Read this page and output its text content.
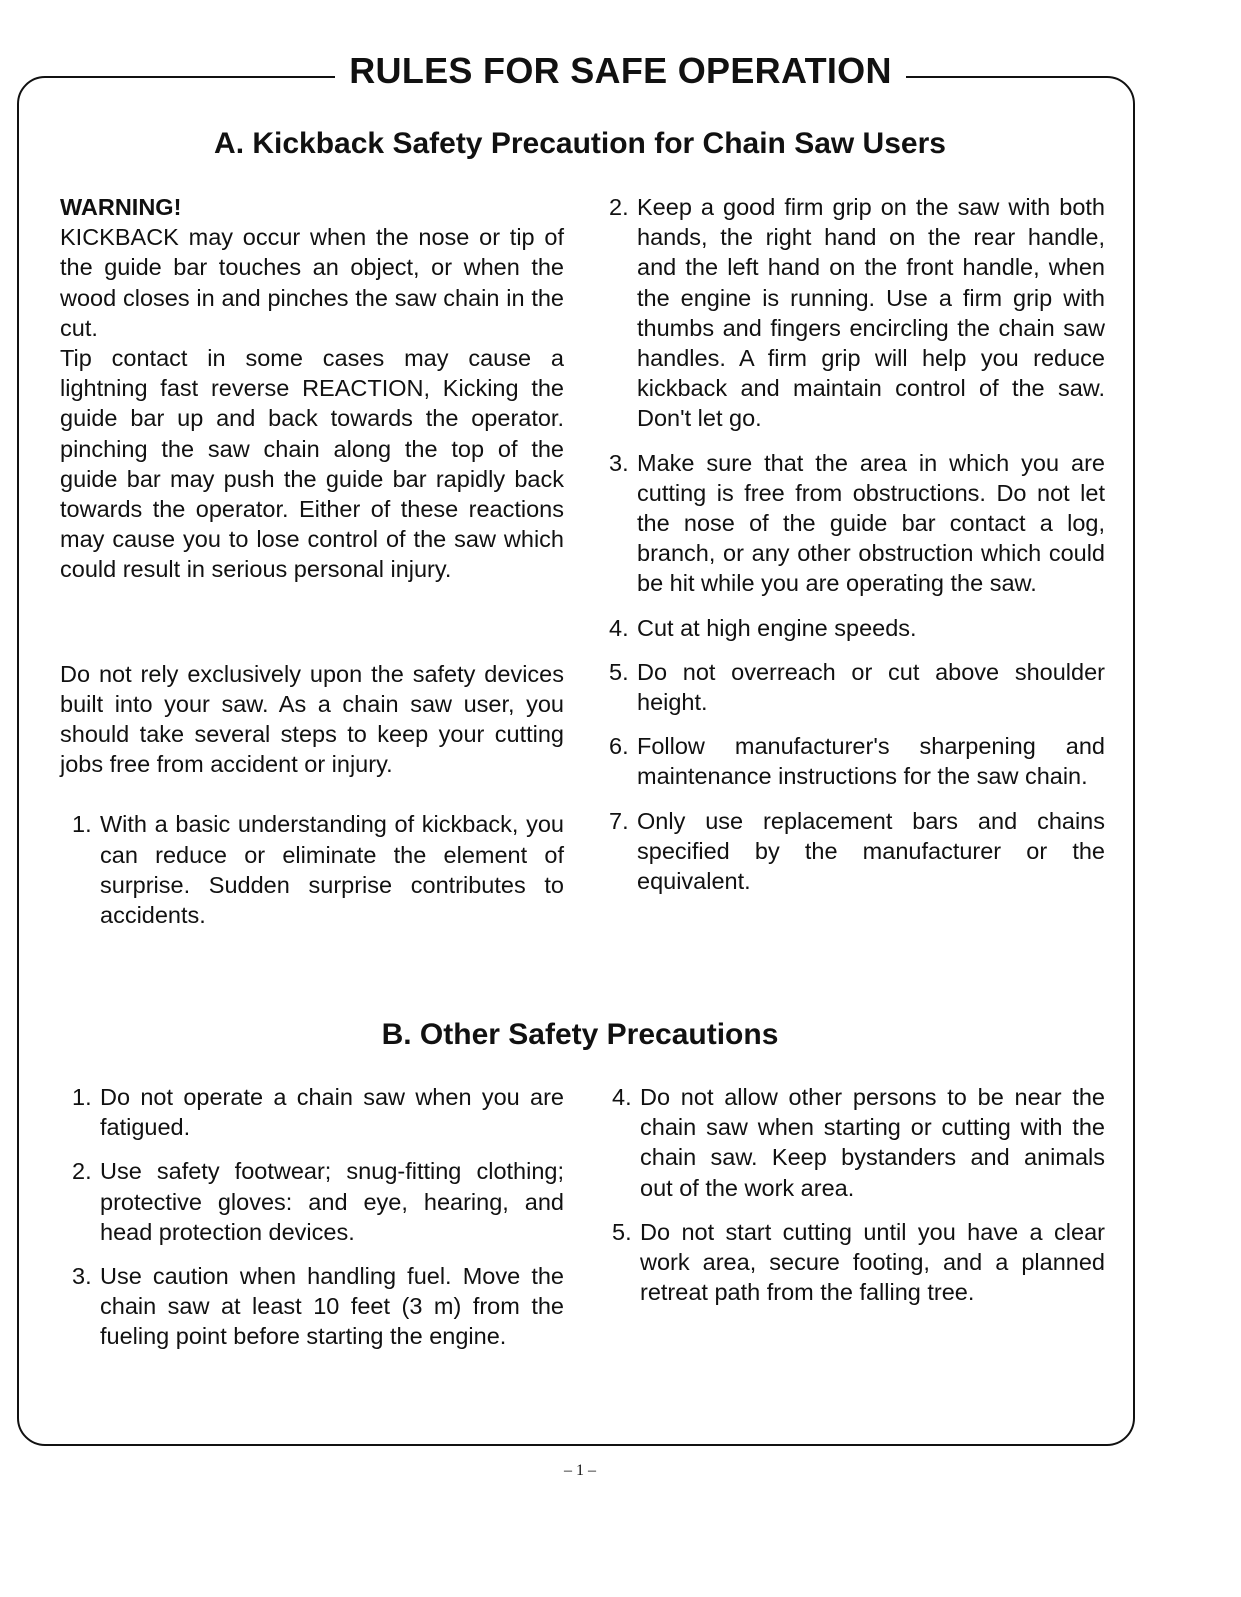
RULES FOR SAFE OPERATION
A. Kickback Safety Precaution for Chain Saw Users

WARNING!

KICKBACK may occur when the nose or tip of the guide bar touches an object, or when the wood closes in and pinches the saw chain in the cut.

Tip contact in some cases may cause a lightning fast reverse REACTION, Kicking the guide bar up and back towards the operator. pinching the saw chain along the top of the guide bar may push the guide bar rapidly back towards the operator. Either of these reactions may cause you to lose control of the saw which could result in serious personal injury.

Do not rely exclusively upon the safety devices built into your saw. As a chain saw user, you should take several steps to keep your cutting jobs free from accident or injury.

1. With a basic understanding of kickback, you can reduce or eliminate the element of surprise. Sudden surprise contributes to accidents.
2. Keep a good firm grip on the saw with both hands, the right hand on the rear handle, and the left hand on the front handle, when the engine is running. Use a firm grip with thumbs and fingers encircling the chain saw handles. A firm grip will help you reduce kickback and maintain control of the saw. Don't let go.
3. Make sure that the area in which you are cutting is free from obstructions. Do not let the nose of the guide bar contact a log, branch, or any other obstruction which could be hit while you are operating the saw.
4. Cut at high engine speeds.
5. Do not overreach or cut above shoulder height.
6. Follow manufacturer's sharpening and maintenance instructions for the saw chain.
7. Only use replacement bars and chains specified by the manufacturer or the equivalent.
B. Other Safety Precautions
1. Do not operate a chain saw when you are fatigued.
2. Use safety footwear; snug-fitting clothing; protective gloves: and eye, hearing, and head protection devices.
3. Use caution when handling fuel. Move the chain saw at least 10 feet (3 m) from the fueling point before starting the engine.
4. Do not allow other persons to be near the chain saw when starting or cutting with the chain saw. Keep bystanders and animals out of the work area.
5. Do not start cutting until you have a clear work area, secure footing, and a planned retreat path from the falling tree.
– 1 –
